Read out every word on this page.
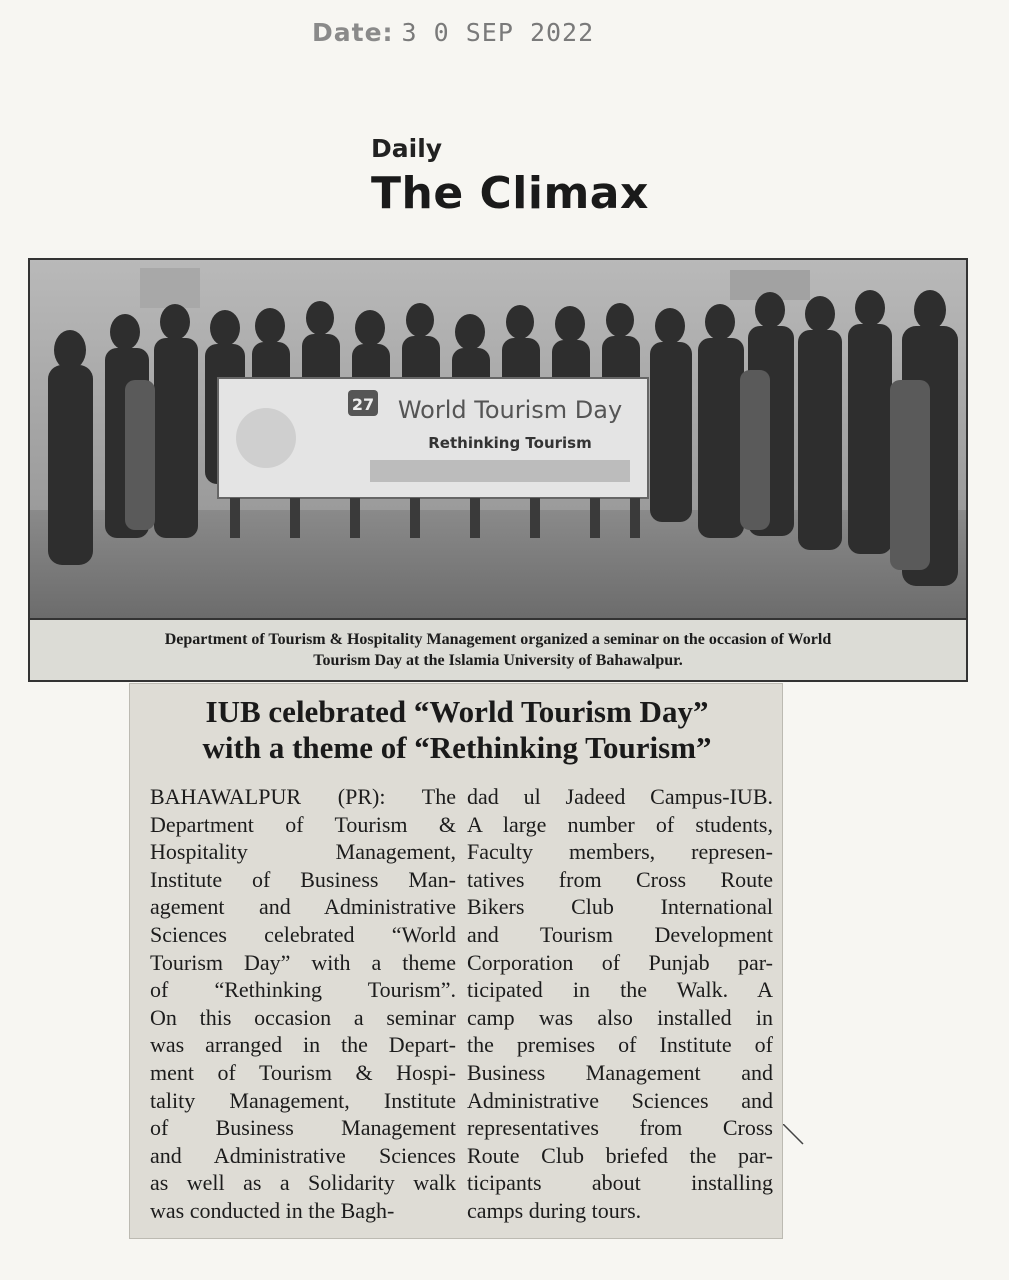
Date: 3 0 SEP 2022
Daily
The Climax
27 World Tourism Day
Rethinking Tourism
Department of Tourism & Hospitality Management organized a seminar on the occasion of World
Tourism Day at the Islamia University of Bahawalpur.
IUB celebrated “World Tourism Day”
with a theme of “Rethinking Tourism”
BAHAWALPUR (PR): The
Department of Tourism &
Hospitality Management,
Institute of Business Man-
agement and Administrative
Sciences celebrated “World
Tourism Day” with a theme
of “Rethinking Tourism”.
On this occasion a seminar
was arranged in the Depart-
ment of Tourism & Hospi-
tality Management, Institute
of Business Management
and Administrative Sciences
as well as a Solidarity walk
was conducted in the Bagh-
dad ul Jadeed Campus-IUB.
A large number of students,
Faculty members, represen-
tatives from Cross Route
Bikers Club International
and Tourism Development
Corporation of Punjab par-
ticipated in the Walk. A
camp was also installed in
the premises of Institute of
Business Management and
Administrative Sciences and
representatives from Cross
Route Club briefed the par-
ticipants about installing
camps during tours.
